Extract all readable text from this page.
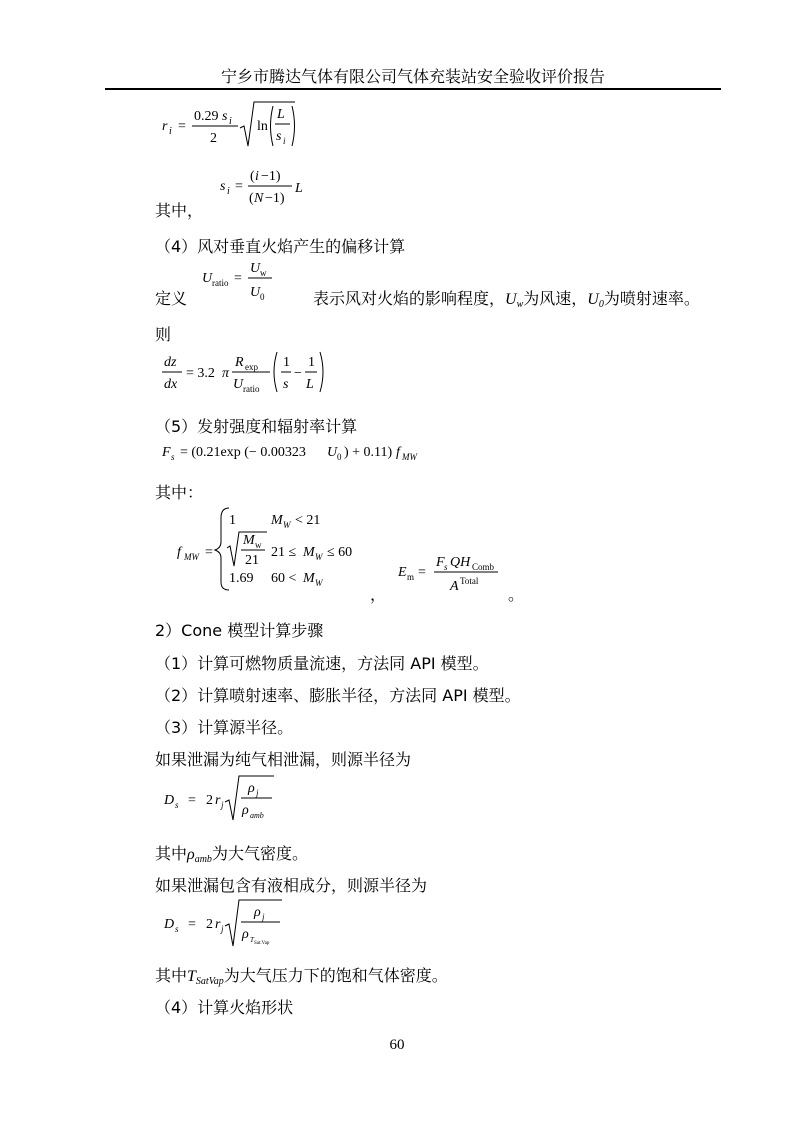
宁乡市腾达气体有限公司气体充装站安全验收评价报告
r i =
0.29 s i
2
ln
L
s i
s i =
( i −1)
( N −1)
L
其中，
（4）风对垂直火焰产生的偏移计算
U ratio =
U w
U 0
定义	表示风对火焰的影响程度，$U_w$为风速，$U_0$为喷射速率。
则
dz
dx
= 3.2 π
R exp
U ratio
1
s
−
1
L
（5）发射强度和辐射率计算
F s = (0.21exp (− 0.00323 U 0 ) + 0.11) f MW
其中：
f MW =
1	M W < 21
M w
21
21 ≤ M W ≤ 60
1.69 60 < M W
，
E m =
F s QH Comb
A Total
。
2）Cone 模型计算步骤
（1）计算可燃物质量流速，方法同 API 模型。
（2）计算喷射速率、膨胀半径，方法同 API 模型。
（3）计算源半径。
如果泄漏为纯气相泄漏，则源半径为
D s = 2 r j
ρ j
ρ amb
其中$\rho_{amb}$为大气密度。
如果泄漏包含有液相成分，则源半径为
D s = 2 r j
ρ j
ρ T Sat.Vap
其中$T_{SatVap}$为大气压力下的饱和气体密度。
（4）计算火焰形状
60
